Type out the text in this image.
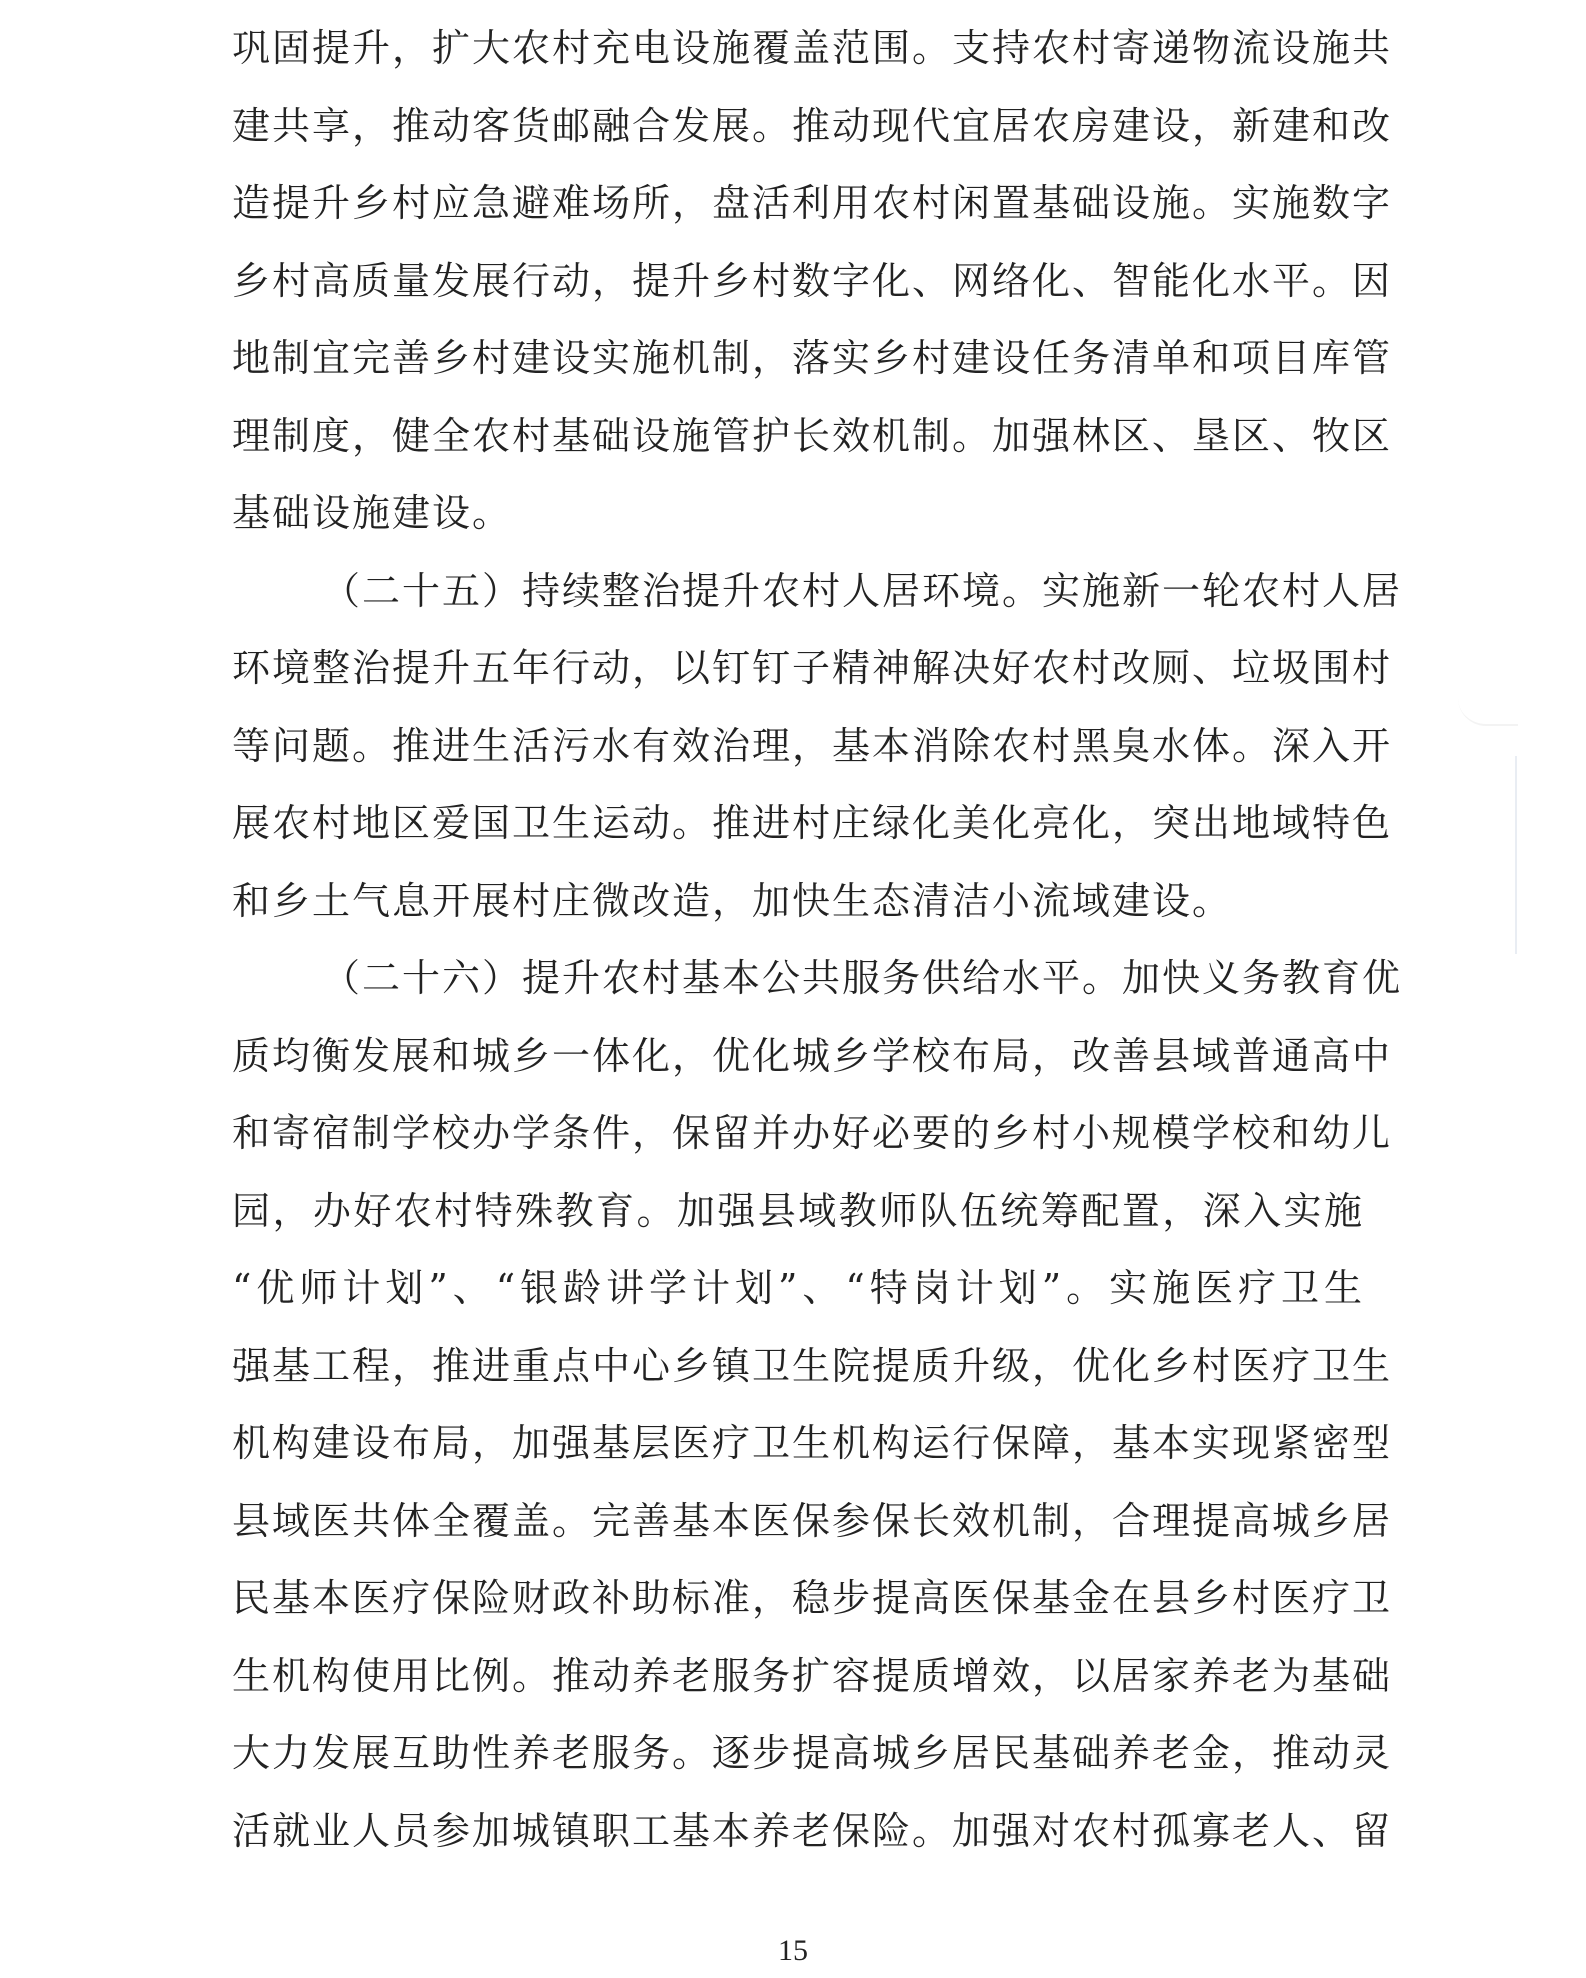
巩固提升，扩大农村充电设施覆盖范围。支持农村寄递物流设施共
建共享，推动客货邮融合发展。推动现代宜居农房建设，新建和改
造提升乡村应急避难场所，盘活利用农村闲置基础设施。实施数字
乡村高质量发展行动，提升乡村数字化、网络化、智能化水平。因
地制宜完善乡村建设实施机制，落实乡村建设任务清单和项目库管
理制度，健全农村基础设施管护长效机制。加强林区、垦区、牧区
基础设施建设。
（二十五）持续整治提升农村人居环境。实施新一轮农村人居
环境整治提升五年行动，以钉钉子精神解决好农村改厕、垃圾围村
等问题。推进生活污水有效治理，基本消除农村黑臭水体。深入开
展农村地区爱国卫生运动。推进村庄绿化美化亮化，突出地域特色
和乡土气息开展村庄微改造，加快生态清洁小流域建设。
（二十六）提升农村基本公共服务供给水平。加快义务教育优
质均衡发展和城乡一体化，优化城乡学校布局，改善县域普通高中
和寄宿制学校办学条件，保留并办好必要的乡村小规模学校和幼儿
园，办好农村特殊教育。加强县域教师队伍统筹配置，深入实施
“优师计划”、“银龄讲学计划”、“特岗计划”。实施医疗卫生
强基工程，推进重点中心乡镇卫生院提质升级，优化乡村医疗卫生
机构建设布局，加强基层医疗卫生机构运行保障，基本实现紧密型
县域医共体全覆盖。完善基本医保参保长效机制，合理提高城乡居
民基本医疗保险财政补助标准，稳步提高医保基金在县乡村医疗卫
生机构使用比例。推动养老服务扩容提质增效，以居家养老为基础
大力发展互助性养老服务。逐步提高城乡居民基础养老金，推动灵
活就业人员参加城镇职工基本养老保险。加强对农村孤寡老人、留
15
